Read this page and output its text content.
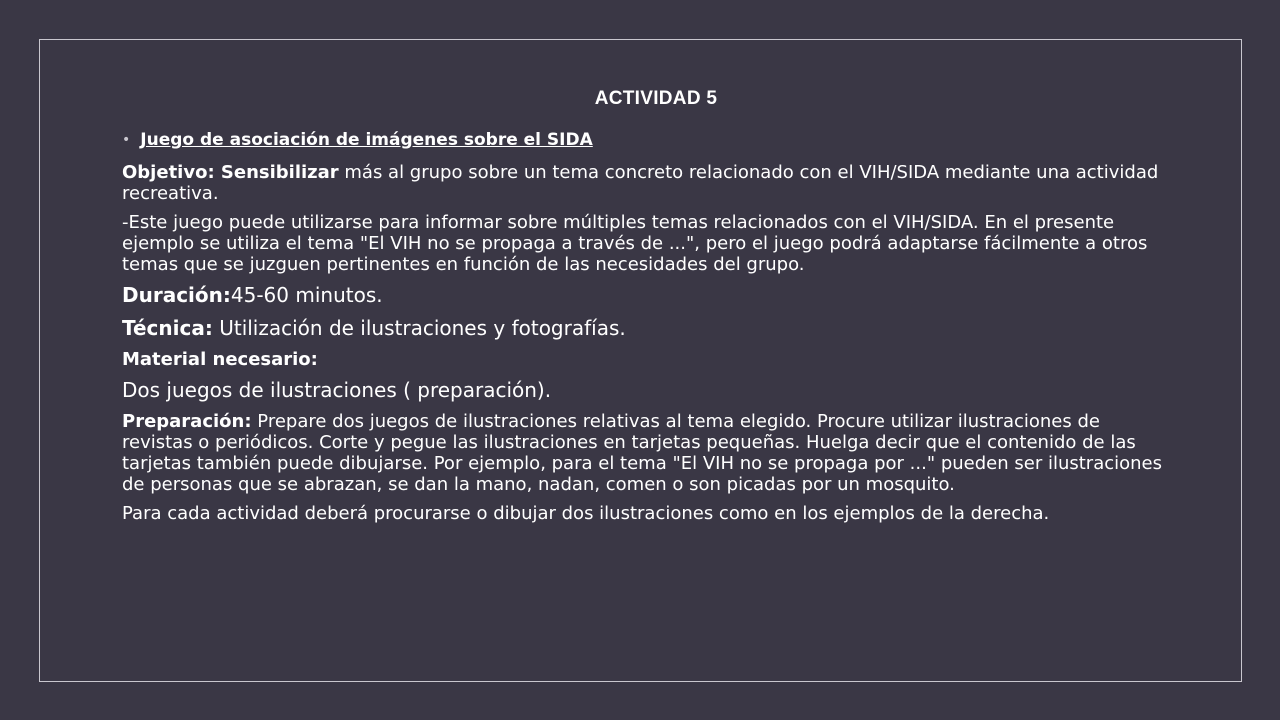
ACTIVIDAD 5
• Juego de asociación de imágenes sobre el SIDA

Objetivo: Sensibilizar más al grupo sobre un tema concreto relacionado con el VIH/SIDA mediante una actividad recreativa.

-Este juego puede utilizarse para informar sobre múltiples temas relacionados con el VIH/SIDA. En el presente ejemplo se utiliza el tema "El VIH no se propaga a través de ...", pero el juego podrá adaptarse fácilmente a otros temas que se juzguen pertinentes en función de las necesidades del grupo.

Duración:45-60 minutos.

Técnica: Utilización de ilustraciones y fotografías.

Material necesario:

Dos juegos de ilustraciones ( preparación).

Preparación: Prepare dos juegos de ilustraciones relativas al tema elegido. Procure utilizar ilustraciones de revistas o periódicos. Corte y pegue las ilustraciones en tarjetas pequeñas. Huelga decir que el contenido de las tarjetas también puede dibujarse. Por ejemplo, para el tema "El VIH no se propaga por ..." pueden ser ilustraciones de personas que se abrazan, se dan la mano, nadan, comen o son picadas por un mosquito.

Para cada actividad deberá procurarse o dibujar dos ilustraciones como en los ejemplos de la derecha.
